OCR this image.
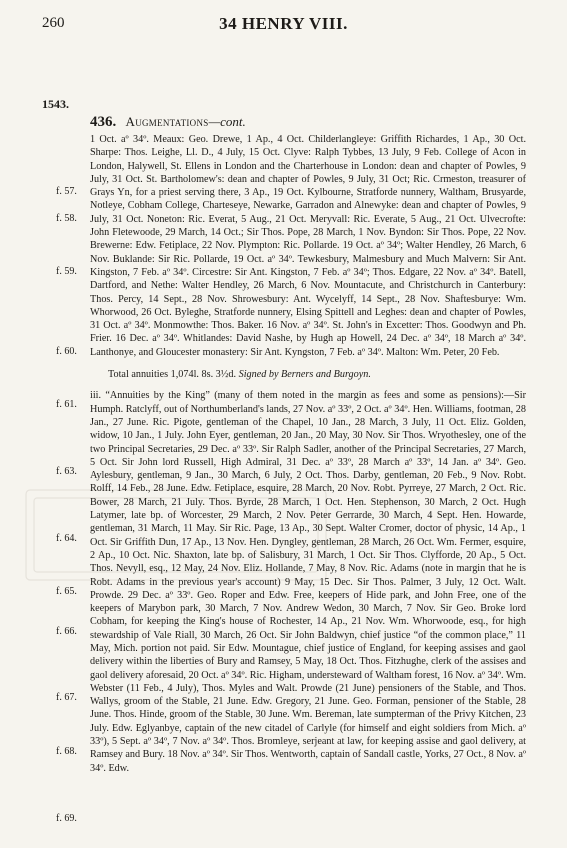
260	34 HENRY VIII.
1543.
436. Augmentations—cont.

1 Oct. aº 34º. Meaux: Geo. Drewe, 1 Ap., 4 Oct. Childerlangleye: Griffith Richardes, 1 Ap., 30 Oct. Sharpe: Thos. Leighe, Ll. D., 4 July, 15 Oct. Clyve: Ralph Tybbes, 13 July, 9 Feb. College of Acon in London, Halywell, St. Ellens in London and the Charterhouse in London: dean and chapter of Powles, 9 July, 31 Oct. St. Bartholomew's: dean and chapter of Powles, 9 July, 31 Oct; Ric. Crmeston, treasurer of Grays Yn, for a priest serving there, 3 Ap., 19 Oct. Kylbourne, Stratforde nunnery, Waltham, Brusyarde, Notleye, Cobham College, Charteseye, Newarke, Garradon and Alnewyke: dean and chapter of Powles, 9 July, 31 Oct. Noneton: Ric. Everat, 5 Aug., 21 Oct. Meryvall: Ric. Everate, 5 Aug., 21 Oct. Ulvecrofte: John Fletewoode, 29 March, 14 Oct.; Sir Thos. Pope, 28 March, 1 Nov. Byndon: Sir Thos. Pope, 22 Nov. Brewerne: Edw. Fetiplace, 22 Nov. Plympton: Ric. Pollarde. 19 Oct. aº 34º; Walter Hendley, 26 March, 6 Nov. Buklande: Sir Ric. Pollarde, 19 Oct. aº 34º. Tewkesbury, Malmesbury and Much Malvern: Sir Ant. Kingston, 7 Feb. aº 34º. Circestre: Sir Ant. Kingston, 7 Feb. aº 34º; Thos. Edgare, 22 Nov. aº 34º. Batell, Dartford, and Nethe: Walter Hendley, 26 March, 6 Nov. Mountacute, and Christchurch in Canterbury: Thos. Percy, 14 Sept., 28 Nov. Shrowesbury: Ant. Wycelyff, 14 Sept., 28 Nov. Shaftesburye: Wm. Whorwood, 26 Oct. Byleghe, Stratforde nunnery, Elsing Spittell and Leghes: dean and chapter of Powles, 31 Oct. aº 34º. Monmowthe: Thos. Baker. 16 Nov. aº 34º. St. John's in Excetter: Thos. Goodwyn and Ph. Frier. 16 Dec. aº 34º. Whitlandes: David Nashe, by Hugh ap Howell, 24 Dec. aº 34º, 18 March aº 34º. Lanthonye, and Gloucester monastery: Sir Ant. Kyngston, 7 Feb. aº 34º. Malton: Wm. Peter, 20 Feb.

Total annuities 1,074l. 8s. 3½d. Signed by Berners and Burgoyn.

iii. “Annuities by the King” (many of them noted in the margin as fees and some as pensions):—Sir Humph. Ratclyff, out of Northumberland's lands, 27 Nov. aº 33º, 2 Oct. aº 34º. Hen. Williams, footman, 28 Jan., 27 June. Ric. Pigote, gentleman of the Chapel, 10 Jan., 28 March, 3 July, 11 Oct. Eliz. Golden, widow, 10 Jan., 1 July. John Eyer, gentleman, 20 Jan., 20 May, 30 Nov. Sir Thos. Wryothesley, one of the two Principal Secretaries, 29 Dec. aº 33º. Sir Ralph Sadler, another of the Principal Secretaries, 27 March, 5 Oct. Sir John lord Russell, High Admiral, 31 Dec. aº 33º, 28 March aº 33º, 14 Jan. aº 34º. Geo. Aylesbury, gentleman, 9 Jan., 30 March, 6 July, 2 Oct. Thos. Darby, gentleman, 20 Feb., 9 Nov. Robt. Rolff, 14 Feb., 28 June. Edw. Fetiplace, esquire, 28 March, 20 Nov. Robt. Pyrreye, 27 March, 2 Oct. Ric. Bower, 28 March, 21 July. Thos. Byrde, 28 March, 1 Oct. Hen. Stephenson, 30 March, 2 Oct. Hugh Latymer, late bp. of Worcester, 29 March, 2 Nov. Peter Gerrarde, 30 March, 4 Sept. Hen. Howarde, gentleman, 31 March, 11 May. Sir Ric. Page, 13 Ap., 30 Sept. Walter Cromer, doctor of physic, 14 Ap., 1 Oct. Sir Griffith Dun, 17 Ap., 13 Nov. Hen. Dyngley, gentleman, 28 March, 26 Oct. Wm. Fermer, esquire, 2 Ap., 10 Oct. Nic. Shaxton, late bp. of Salisbury, 31 March, 1 Oct. Sir Thos. Clyfforde, 20 Ap., 5 Oct. Thos. Nevyll, esq., 12 May, 24 Nov. Eliz. Hollande, 7 May, 8 Nov. Ric. Adams (note in margin that he is Robt. Adams in the previous year's account) 9 May, 15 Dec. Sir Thos. Palmer, 3 July, 12 Oct. Walt. Prowde. 29 Dec. aº 33º. Geo. Roper and Edw. Free, keepers of Hide park, and John Free, one of the keepers of Marybon park, 30 March, 7 Nov. Andrew Wedon, 30 March, 7 Nov. Sir Geo. Broke lord Cobham, for keeping the King's house of Rochester, 14 Ap., 21 Nov. Wm. Whorwoode, esq., for high stewardship of Vale Riall, 30 March, 26 Oct. Sir John Baldwyn, chief justice “of the common place,” 11 May, Mich. portion not paid. Sir Edw. Mountague, chief justice of England, for keeping assises and gaol delivery within the liberties of Bury and Ramsey, 5 May, 18 Oct. Thos. Fitzhughe, clerk of the assises and gaol delivery aforesaid, 20 Oct. aº 34º. Ric. Higham, understeward of Waltham forest, 16 Nov. aº 34º. Wm. Webster (11 Feb., 4 July), Thos. Myles and Walt. Prowde (21 June) pensioners of the Stable, and Thos. Wallys, groom of the Stable, 21 June. Edw. Gregory, 21 June. Geo. Forman, pensioner of the Stable, 28 June. Thos. Hinde, groom of the Stable, 30 June. Wm. Bereman, late sumpterman of the Privy Kitchen, 23 July. Edw. Eglyanbye, captain of the new citadel of Carlyle (for himself and eight soldiers from Mich. aº 33º), 5 Sept. aº 34º, 7 Nov. aº 34º. Thos. Bromleye, serjeant at law, for keeping assise and gaol delivery, at Ramsey and Bury. 18 Nov. aº 34º. Sir Thos. Wentworth, captain of Sandall castle, Yorks, 27 Oct., 8 Nov. aº 34º. Edw.

f. 57.
f. 58.
f. 59.
f. 60.
f. 61.
f. 63.
f. 64.
f. 65.
f. 66.
f. 67.
f. 68.
f. 69.
